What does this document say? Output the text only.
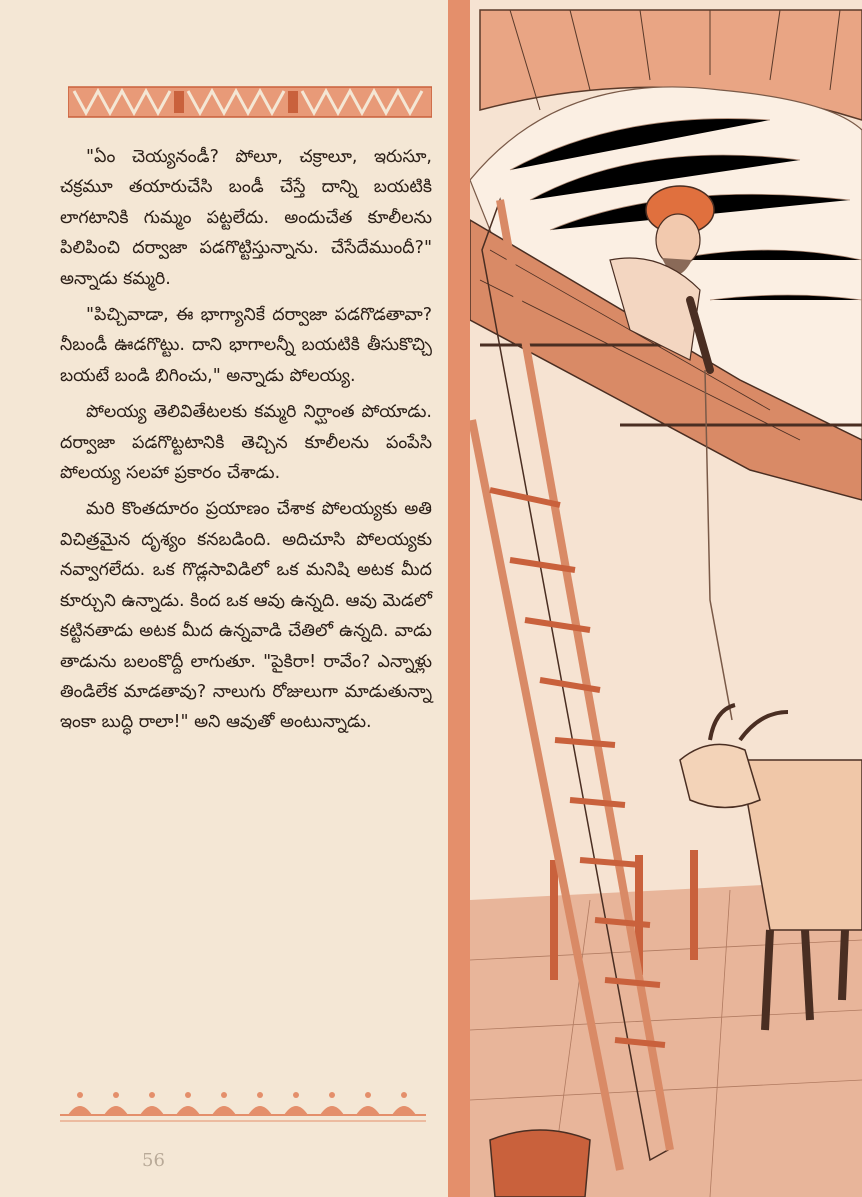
"ఏం చెయ్యనండీ? పోలూ, చక్రాలూ, ఇరుసూ, చక్రమూ తయారుచేసి బండీ చేస్తే దాన్ని బయటికి లాగటానికి గుమ్మం పట్టలేదు. అందుచేత కూలీలను పిలిపించి దర్వాజా పడగొట్టిస్తున్నాను. చేసేదేముందీ?" అన్నాడు కమ్మరి.

"పిచ్చివాడా, ఈ భాగ్యానికే దర్వాజా పడగొడతావా? నీబండీ ఊడగొట్టు. దాని భాగాలన్నీ బయటికి తీసుకొచ్చి బయటే బండి బిగించు," అన్నాడు పోలయ్య.

పోలయ్య తెలివితేటలకు కమ్మరి నిర్ఘాంత పోయాడు. దర్వాజా పడగొట్టటానికి తెచ్చిన కూలీలను పంపేసి పోలయ్య సలహా ప్రకారం చేశాడు.

మరి కొంతదూరం ప్రయాణం చేశాక పోలయ్యకు అతి విచిత్రమైన దృశ్యం కనబడింది. అదిచూసి పోలయ్యకు నవ్వాగలేదు. ఒక గొడ్లసావిడిలో ఒక మనిషి అటక మీద కూర్చుని ఉన్నాడు. కింద ఒక ఆవు ఉన్నది. ఆవు మెడలో కట్టినతాడు అటక మీద ఉన్నవాడి చేతిలో ఉన్నది. వాడు తాడును బలంకొద్దీ లాగుతూ. "పైకిరా! రావేం? ఎన్నాళ్లు తిండిలేక మాడతావు? నాలుగు రోజులుగా మాడుతున్నా ఇంకా బుద్ధి రాలా!" అని ఆవుతో అంటున్నాడు.

56
